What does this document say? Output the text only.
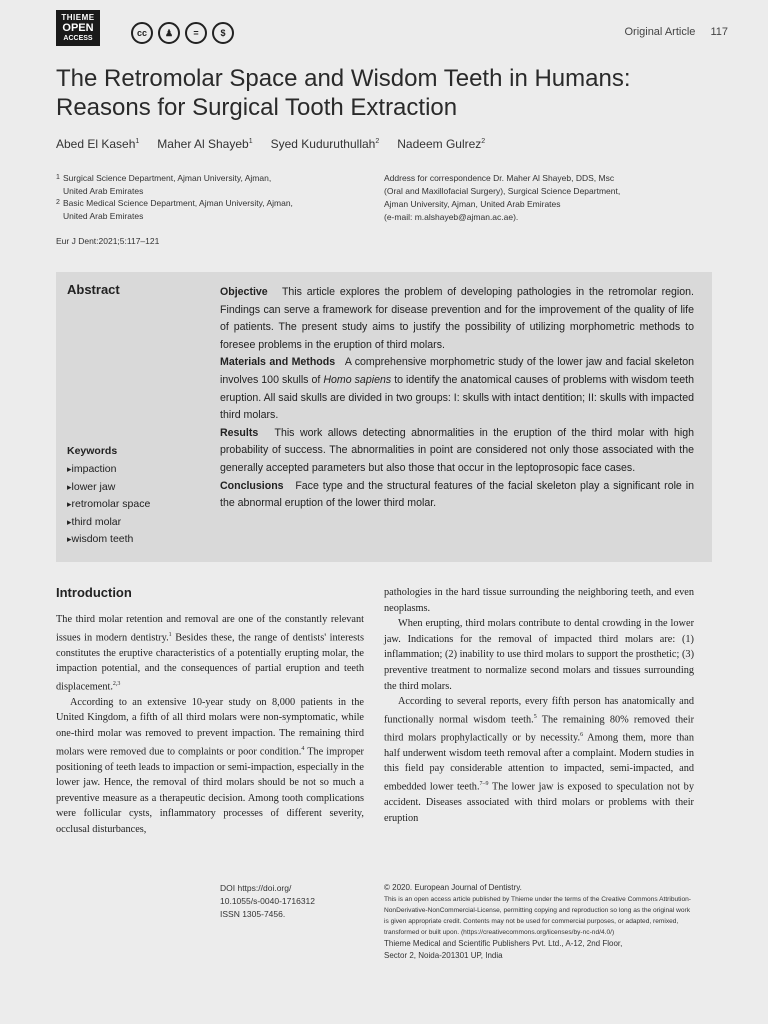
THIEME
OPEN
ACCESS
cc	♟	=	$	Original Article 117
The Retromolar Space and Wisdom Teeth in Humans:
Reasons for Surgical Tooth Extraction
Abed El Kaseh$^1$ Maher Al Shayeb$^1$ Syed Kuduruthullah$^2$ Nadeem Gulrez$^2$
1 Surgical Science Department, Ajman University, Ajman,
United Arab Emirates
2 Basic Medical Science Department, Ajman University, Ajman,
United Arab Emirates
Address for correspondence Dr. Maher Al Shayeb, DDS, Msc
(Oral and Maxillofacial Surgery), Surgical Science Department,
Ajman University, Ajman, United Arab Emirates
(e-mail: m.alshayeb@ajman.ac.ae).
Eur J Dent:2021;5:117–121
Abstract
Keywords
▸ impaction
▸ lower jaw
▸ retromolar space
▸ third molar
▸ wisdom teeth

Objective This article explores the problem of developing pathologies in the retromolar region. Findings can serve a framework for disease prevention and for the improvement of the quality of life of patients. The present study aims to justify the possibility of utilizing morphometric methods to foresee problems in the eruption of third molars.

Materials and Methods A comprehensive morphometric study of the lower jaw and facial skeleton involves 100 skulls of Homo sapiens to identify the anatomical causes of problems with wisdom teeth eruption. All said skulls are divided in two groups: I: skulls with intact dentition; II: skulls with impacted third molars.

Results This work allows detecting abnormalities in the eruption of the third molar with high probability of success. The abnormalities in point are considered not only those associated with the generally accepted parameters but also those that occur in the leptoprosopic face cases.

Conclusions Face type and the structural features of the facial skeleton play a significant role in the abnormal eruption of the lower third molar.

Introduction

The third molar retention and removal are one of the constantly relevant issues in modern dentistry.$^1$ Besides these, the range of dentists' interests constitutes the eruptive characteristics of a potentially erupting molar, the impaction potential, and the consequences of partial eruption and teeth displacement.$^{2,3}$

According to an extensive 10-year study on 8,000 patients in the United Kingdom, a fifth of all third molars were non-symptomatic, while one-third molar was removed to prevent impaction. The remaining third molars were removed due to complaints or poor condition.$^4$ The improper positioning of teeth leads to impaction or semi-impaction, especially in the lower jaw. Hence, the removal of third molars should be not so much a preventive measure as a therapeutic decision. Among tooth complications were follicular cysts, inflammatory processes of different severity, occlusal disturbances,

pathologies in the hard tissue surrounding the neighboring teeth, and even neoplasms.

When erupting, third molars contribute to dental crowding in the lower jaw. Indications for the removal of impacted third molars are: (1) inflammation; (2) inability to use third molars to support the prosthetic; (3) preventive treatment to normalize second molars and tissues surrounding the third molars.

According to several reports, every fifth person has anatomically and functionally normal wisdom teeth.$^5$ The remaining 80% removed their third molars prophylactically or by necessity.$^6$ Among them, more than half underwent wisdom teeth removal after a complaint. Modern studies in this field pay considerable attention to impacted, semi-impacted, and embedded lower teeth.$^{7-9}$ The lower jaw is exposed to speculation not by accident. Diseases associated with third molars or problems with their eruption

DOI https://doi.org/
10.1055/s-0040-1716312
ISSN 1305-7456.
© 2020. European Journal of Dentistry.
This is an open access article published by Thieme under the terms of the Creative Commons Attribution-NonDerivative-NonCommercial-License, permitting copying and reproduction so long as the original work is given appropriate credit. Contents may not be used for commercial purposes, or adapted, remixed, transformed or built upon. (https://creativecommons.org/licenses/by-nc-nd/4.0/)
Thieme Medical and Scientific Publishers Pvt. Ltd., A-12, 2nd Floor,
Sector 2, Noida-201301 UP, India
